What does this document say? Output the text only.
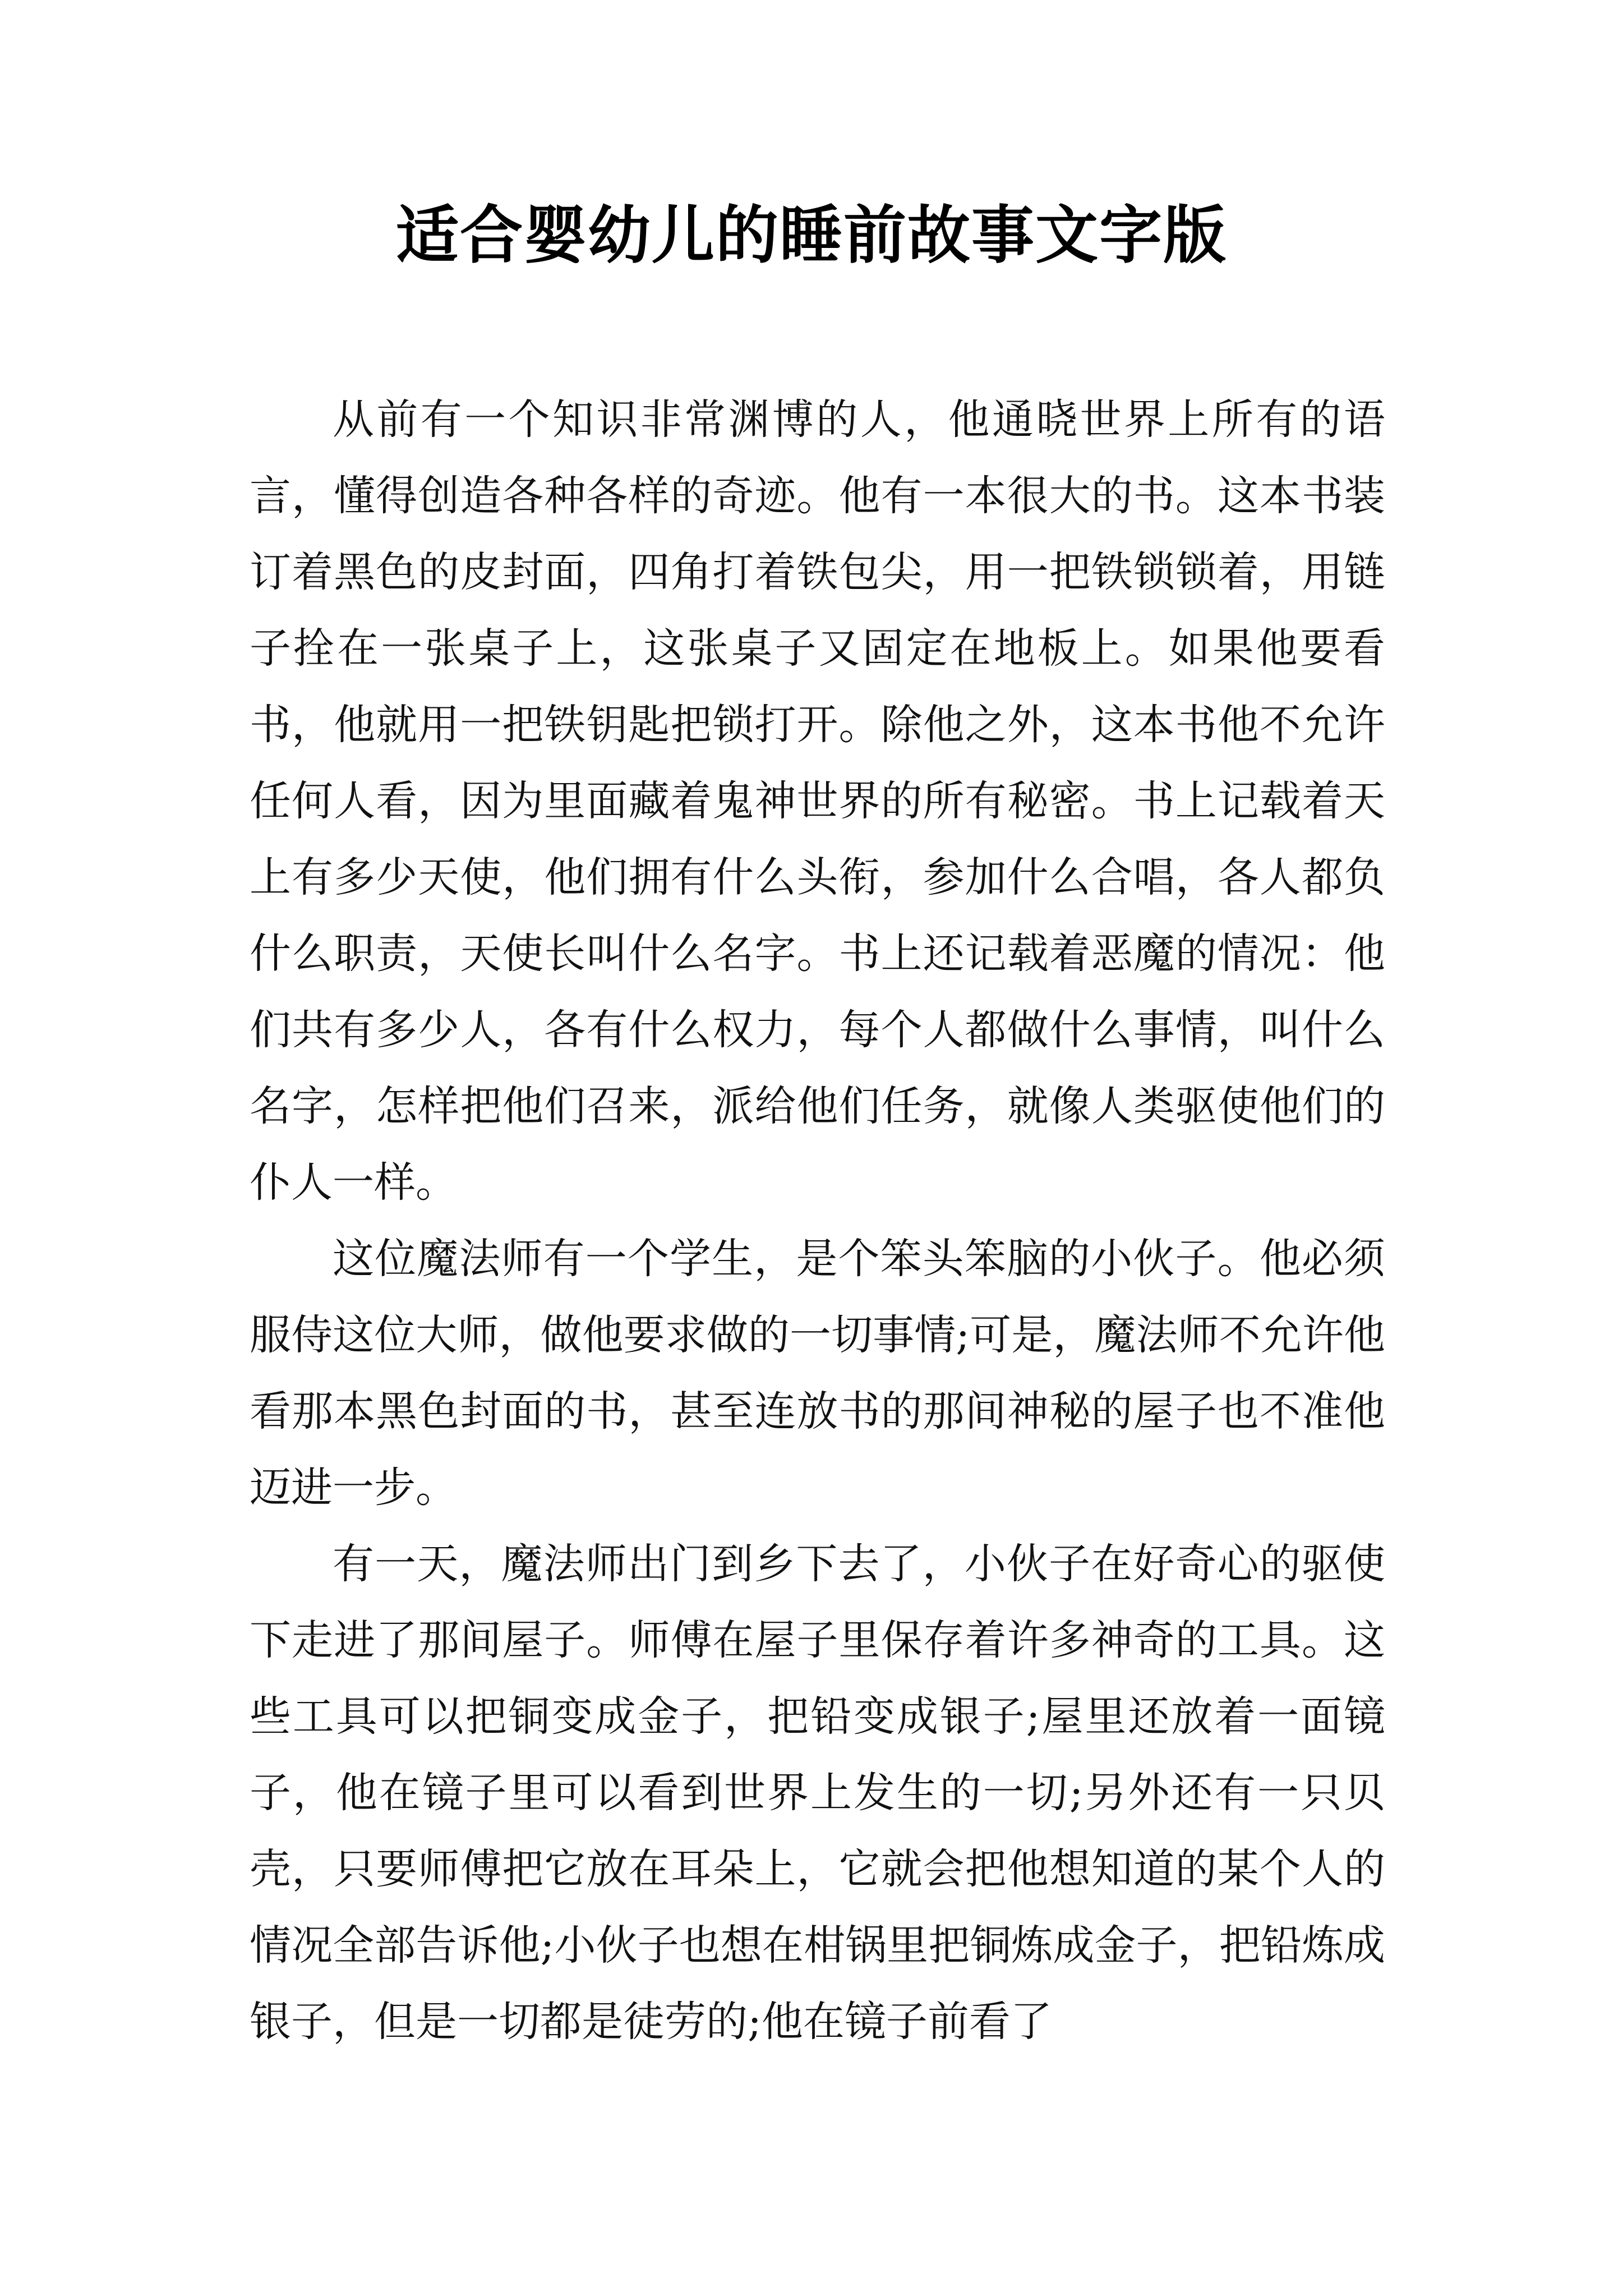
适合婴幼儿的睡前故事文字版

从前有一个知识非常渊博的人，他通晓世界上所有的语言，懂得创造各种各样的奇迹。他有一本很大的书。这本书装订着黑色的皮封面，四角打着铁包尖，用一把铁锁锁着，用链子拴在一张桌子上，这张桌子又固定在地板上。如果他要看书，他就用一把铁钥匙把锁打开。除他之外，这本书他不允许任何人看，因为里面藏着鬼神世界的所有秘密。书上记载着天上有多少天使，他们拥有什么头衔，参加什么合唱，各人都负什么职责，天使长叫什么名字。书上还记载着恶魔的情况：他们共有多少人，各有什么权力，每个人都做什么事情，叫什么名字，怎样把他们召来，派给他们任务，就像人类驱使他们的仆人一样。

这位魔法师有一个学生，是个笨头笨脑的小伙子。他必须服侍这位大师，做他要求做的一切事情;可是，魔法师不允许他看那本黑色封面的书，甚至连放书的那间神秘的屋子也不准他迈进一步。

有一天，魔法师出门到乡下去了，小伙子在好奇心的驱使下走进了那间屋子。师傅在屋子里保存着许多神奇的工具。这些工具可以把铜变成金子，把铅变成银子;屋里还放着一面镜子，他在镜子里可以看到世界上发生的一切;另外还有一只贝壳，只要师傅把它放在耳朵上，它就会把他想知道的某个人的情况全部告诉他;小伙子也想在柑锅里把铜炼成金子，把铅炼成银子，但是一切都是徒劳的;他在镜子前看了
